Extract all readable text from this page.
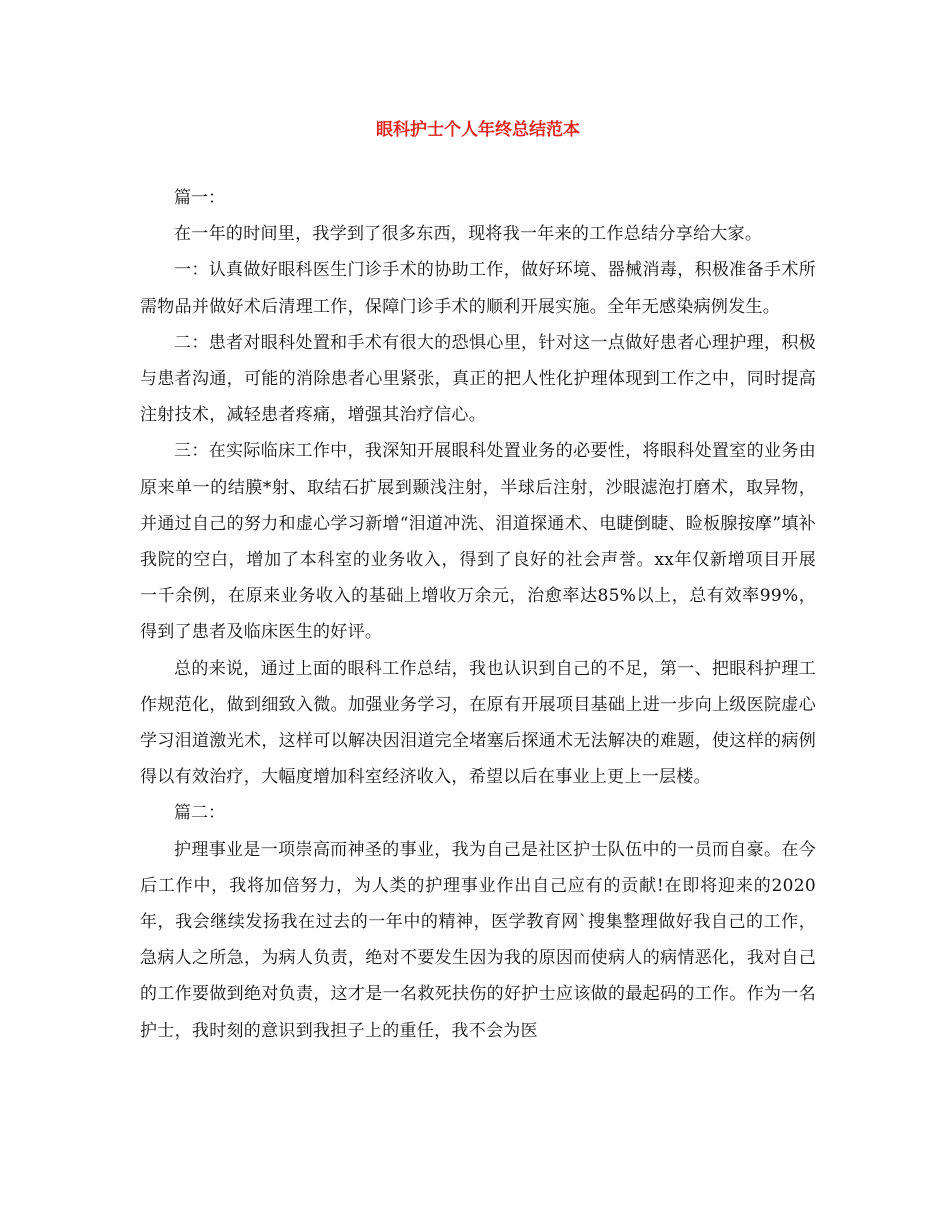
眼科护士个人年终总结范本

篇一：

在一年的时间里，我学到了很多东西，现将我一年来的工作总结分享给大家。

一：认真做好眼科医生门诊手术的协助工作，做好环境、器械消毒，积极准备手术所需物品并做好术后清理工作，保障门诊手术的顺利开展实施。全年无感染病例发生。

二：患者对眼科处置和手术有很大的恐惧心里，针对这一点做好患者心理护理，积极与患者沟通，可能的消除患者心里紧张，真正的把人性化护理体现到工作之中，同时提高注射技术，减轻患者疼痛，增强其治疗信心。

三：在实际临床工作中，我深知开展眼科处置业务的必要性，将眼科处置室的业务由原来单一的结膜*射、取结石扩展到颞浅注射，半球后注射，沙眼滤泡打磨术，取异物，并通过自己的努力和虚心学习新增“泪道冲洗、泪道探通术、电睫倒睫、睑板腺按摩”填补我院的空白，增加了本科室的业务收入，得到了良好的社会声誉。xx年仅新增项目开展一千余例，在原来业务收入的基础上增收万余元，治愈率达85%以上，总有效率99%，得到了患者及临床医生的好评。

总的来说，通过上面的眼科工作总结，我也认识到自己的不足，第一、把眼科护理工作规范化，做到细致入微。加强业务学习，在原有开展项目基础上进一步向上级医院虚心学习泪道激光术，这样可以解决因泪道完全堵塞后探通术无法解决的难题，使这样的病例得以有效治疗，大幅度增加科室经济收入，希望以后在事业上更上一层楼。

篇二：

护理事业是一项崇高而神圣的事业，我为自己是社区护士队伍中的一员而自豪。在今后工作中，我将加倍努力，为人类的护理事业作出自己应有的贡献!在即将迎来的2020年，我会继续发扬我在过去的一年中的精神，医学教育网`搜集整理做好我自己的工作，急病人之所急，为病人负责，绝对不要发生因为我的原因而使病人的病情恶化，我对自己的工作要做到绝对负责，这才是一名救死扶伤的好护士应该做的最起码的工作。作为一名护士，我时刻的意识到我担子上的重任，我不会为医
